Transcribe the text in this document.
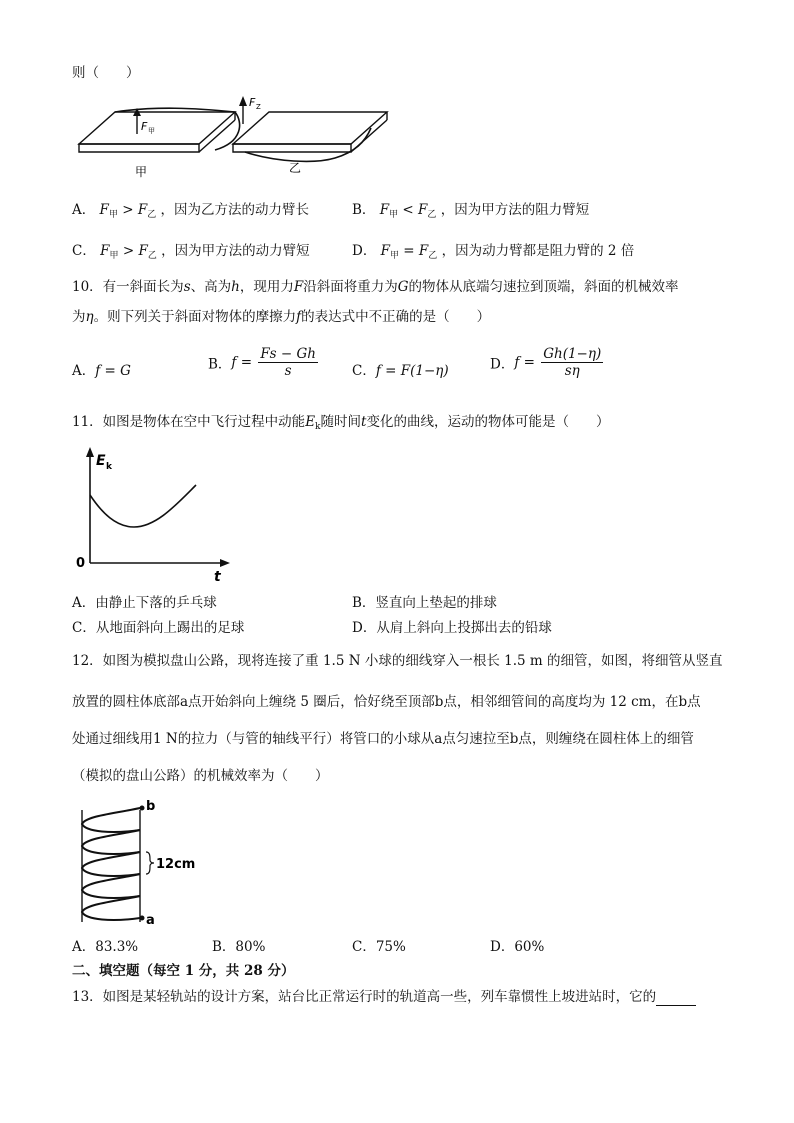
则（　　）
F 甲
F Z
甲	乙
A． $F_甲 > F_乙$ ，因为乙方法的动力臂长	B． $F_甲 < F_乙$ ，因为甲方法的阻力臂短
C． $F_甲 > F_乙$ ，因为甲方法的动力臂短	D． $F_甲 = F_乙$ ，因为动力臂都是阻力臂的 2 倍
10．有一斜面长为s、高为h，现用力F沿斜面将重力为G的物体从底端匀速拉到顶端，斜面的机械效率
为η。则下列关于斜面对物体的摩擦力f的表达式中不正确的是（　　）
A．f = G	B．$f = \frac{Fs - Gh}{s}$	C．f = F(1−η)	D．$f = \frac{Gh(1-\eta)}{s\eta}$
11．如图是物体在空中飞行过程中动能$E_k$随时间t变化的曲线，运动的物体可能是（　　）
E k
t
0
A．由静止下落的乒乓球	B．竖直向上垫起的排球
C．从地面斜向上踢出的足球	D．从肩上斜向上投掷出去的铅球
12．如图为模拟盘山公路，现将连接了重 1.5 N 小球的细线穿入一根长 1.5 m 的细管，如图，将细管从竖直
放置的圆柱体底部a点开始斜向上缠绕 5 圈后，恰好绕至顶部b点，相邻细管间的高度均为 12 cm，在b点
处通过细线用1 N的拉力（与管的轴线平行）将管口的小球从a点匀速拉至b点，则缠绕在圆柱体上的细管
（模拟的盘山公路）的机械效率为（　　）
b
a
12cm
A．83.3%	B．80%	C．75%	D．60%
二、填空题（每空 1 分，共 28 分）
13．如图是某轻轨站的设计方案，站台比正常运行时的轨道高一些，列车靠惯性上坡进站时，它的
